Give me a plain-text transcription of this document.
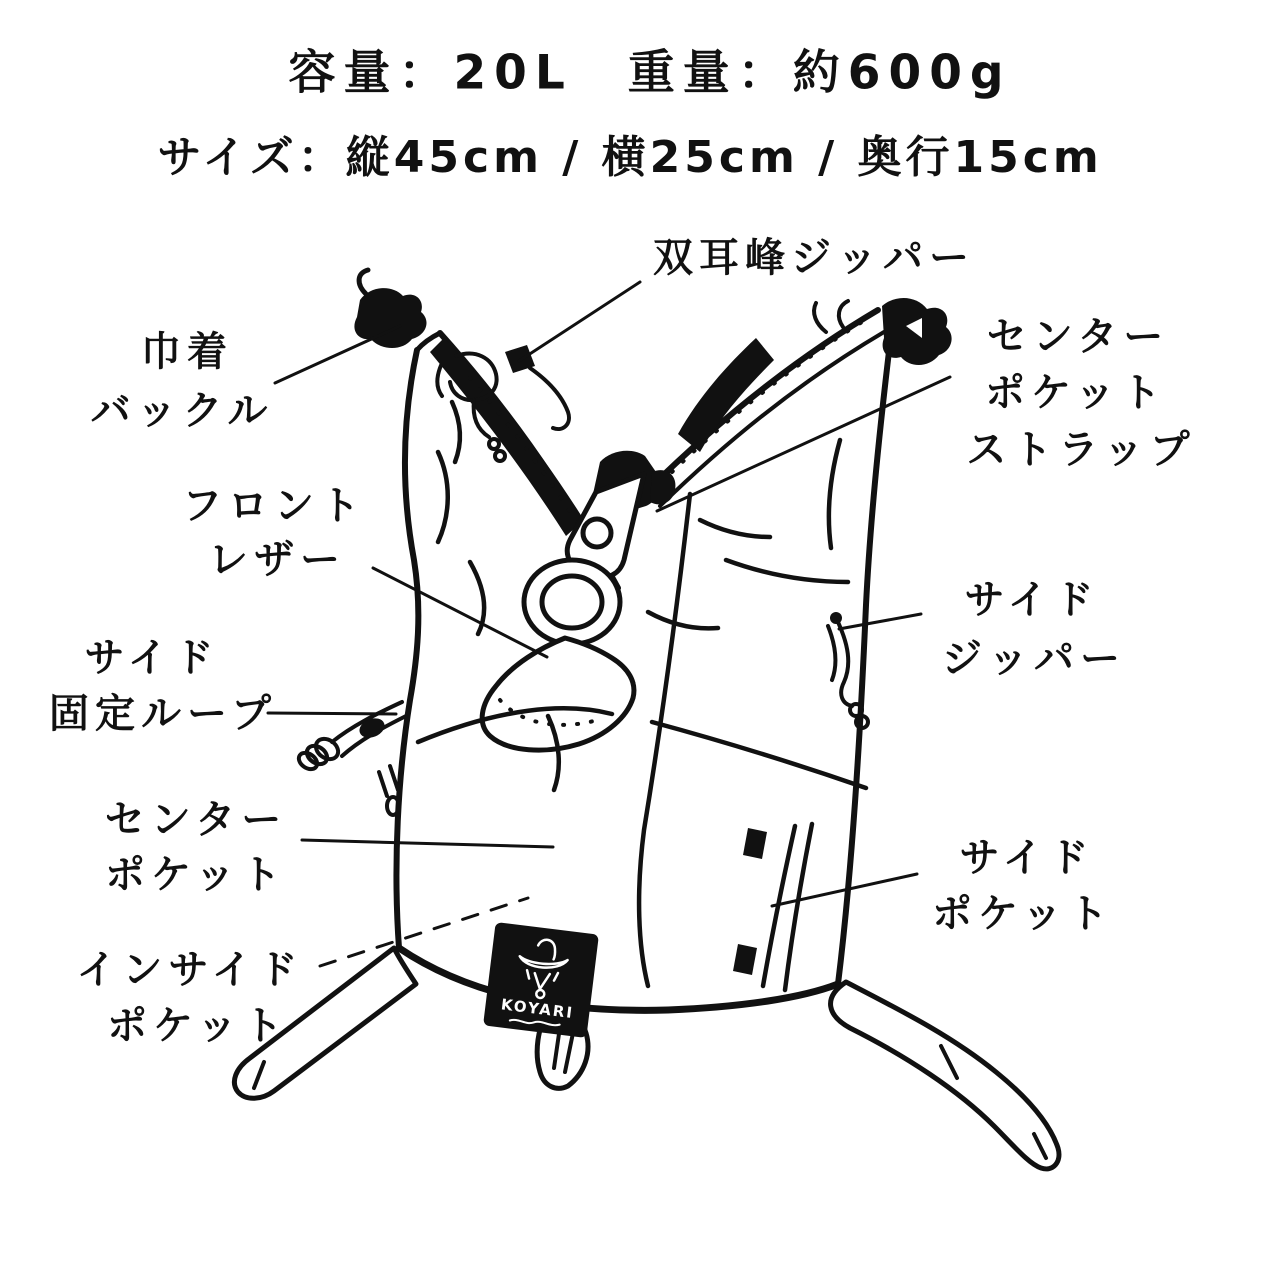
KOYARI
容量：20L　重量：約600g
サイズ：縦45cm / 横25cm / 奥行15cm
双耳峰ジッパー
巾着
バックル
センター
ポケット
ストラップ
フロント
レザー
サイド
ジッパー
サイド
固定ループ
センター
ポケット	サイド
ポケット
インサイド
ポケット
